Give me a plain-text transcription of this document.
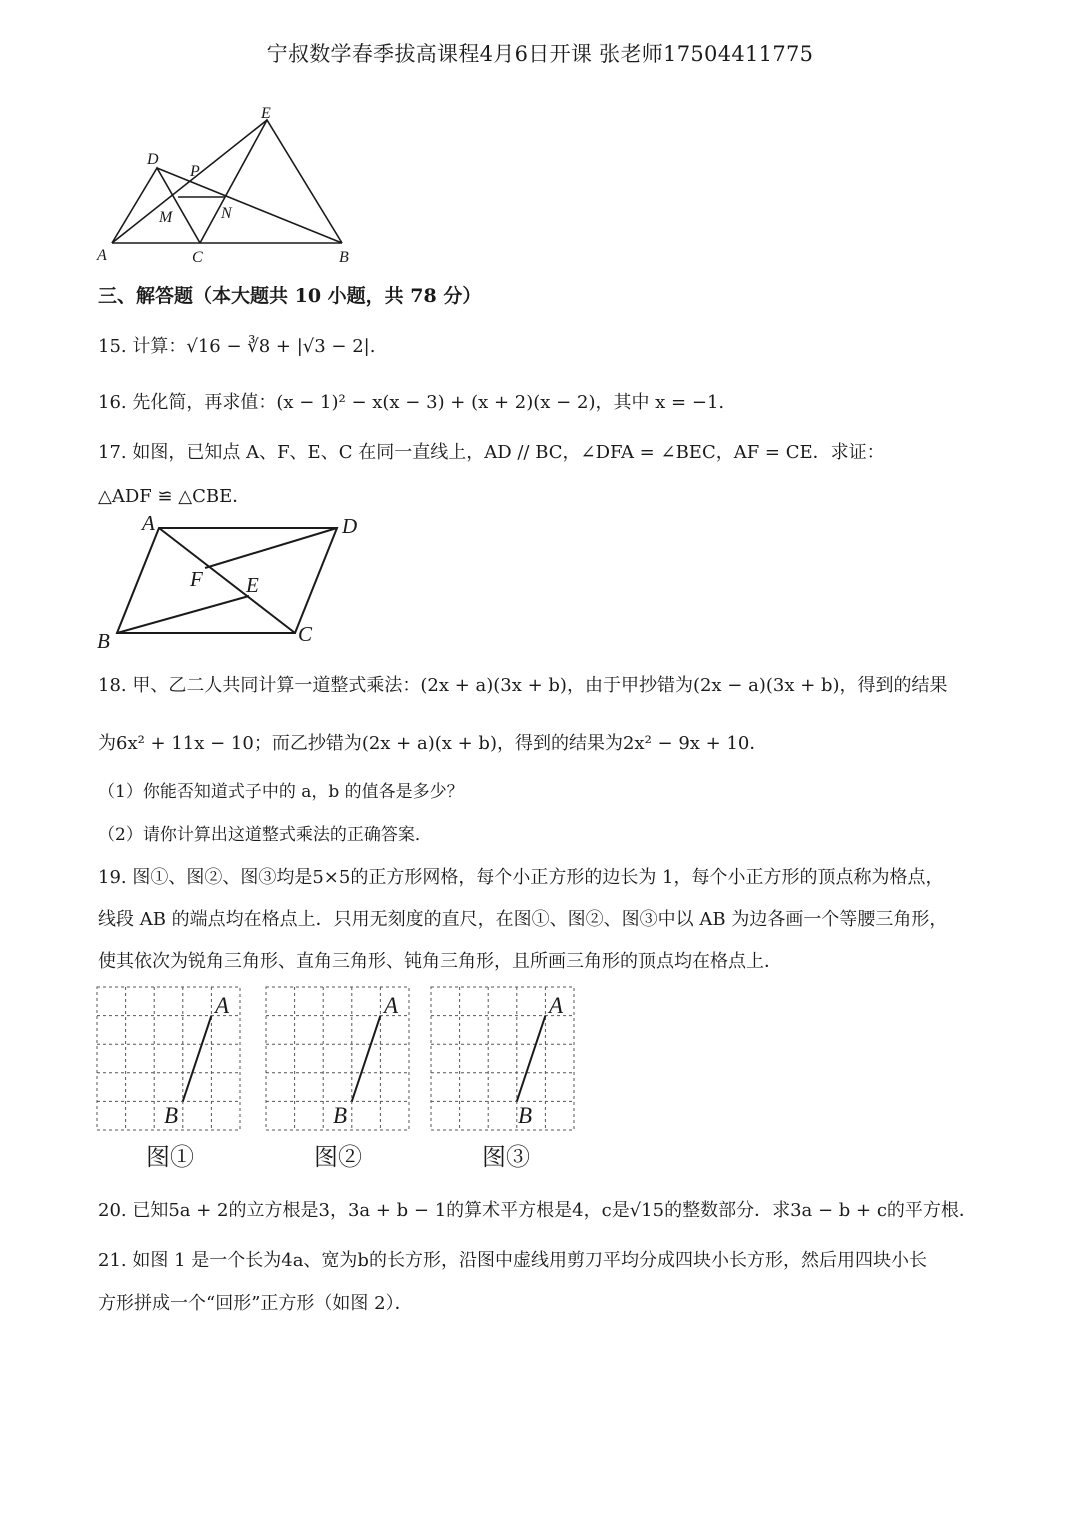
宁叔数学春季拔高课程4月6日开课 张老师17504411775
E
D
P
M	N
A	C	B
三、解答题（本大题共 10 小题，共 78 分）
15. 计算：√16 − ∛8 + |√3 − 2|.
16. 先化简，再求值：(x − 1)² − x(x − 3) + (x + 2)(x − 2)，其中 x = −1.
17. 如图，已知点 A、F、E、C 在同一直线上，AD // BC，∠DFA = ∠BEC，AF = CE．求证：
△ADF ≌ △CBE．
A	D
F E
B	C
18. 甲、乙二人共同计算一道整式乘法：(2x + a)(3x + b)，由于甲抄错为(2x − a)(3x + b)，得到的结果
为6x² + 11x − 10；而乙抄错为(2x + a)(x + b)，得到的结果为2x² − 9x + 10．
（1）你能否知道式子中的 a，b 的值各是多少？
（2）请你计算出这道整式乘法的正确答案．
19. 图①、图②、图③均是5×5的正方形网格，每个小正方形的边长为 1，每个小正方形的顶点称为格点，
线段 AB 的端点均在格点上．只用无刻度的直尺，在图①、图②、图③中以 AB 为边各画一个等腰三角形，
使其依次为锐角三角形、直角三角形、钝角三角形，且所画三角形的顶点均在格点上．
A
B
图①
A
B
图②
A
B
图③
20. 已知5a + 2的立方根是3，3a + b − 1的算术平方根是4，c是√15的整数部分．求3a − b + c的平方根．
21. 如图 1 是一个长为4a、宽为b的长方形，沿图中虚线用剪刀平均分成四块小长方形，然后用四块小长
方形拼成一个“回形”正方形（如图 2）．
